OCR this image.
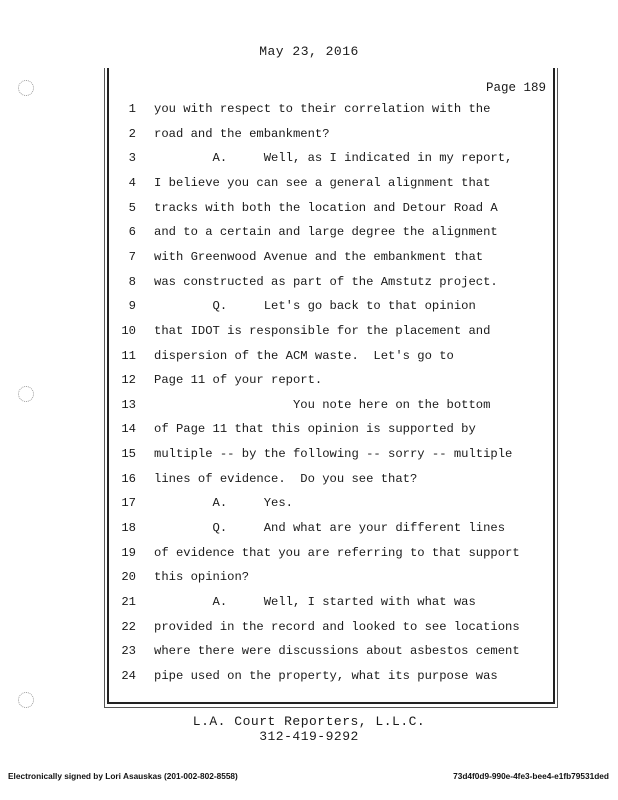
May 23, 2016
Page 189
1 you with respect to their correlation with the
2 road and the embankment?
3 A.     Well, as I indicated in my report,
4 I believe you can see a general alignment that
5 tracks with both the location and Detour Road A
6 and to a certain and large degree the alignment
7 with Greenwood Avenue and the embankment that
8 was constructed as part of the Amstutz project.
9 Q.     Let's go back to that opinion
10 that IDOT is responsible for the placement and
11 dispersion of the ACM waste.  Let's go to
12 Page 11 of your report.
13 You note here on the bottom
14 of Page 11 that this opinion is supported by
15 multiple -- by the following -- sorry -- multiple
16 lines of evidence.  Do you see that?
17 A.     Yes.
18 Q.     And what are your different lines
19 of evidence that you are referring to that support
20 this opinion?
21 A.     Well, I started with what was
22 provided in the record and looked to see locations
23 where there were discussions about asbestos cement
24 pipe used on the property, what its purpose was
L.A. Court Reporters, L.L.C.
312-419-9292
Electronically signed by Lori Asauskas (201-002-802-8558)	73d4f0d9-990e-4fe3-bee4-e1fb79531ded
